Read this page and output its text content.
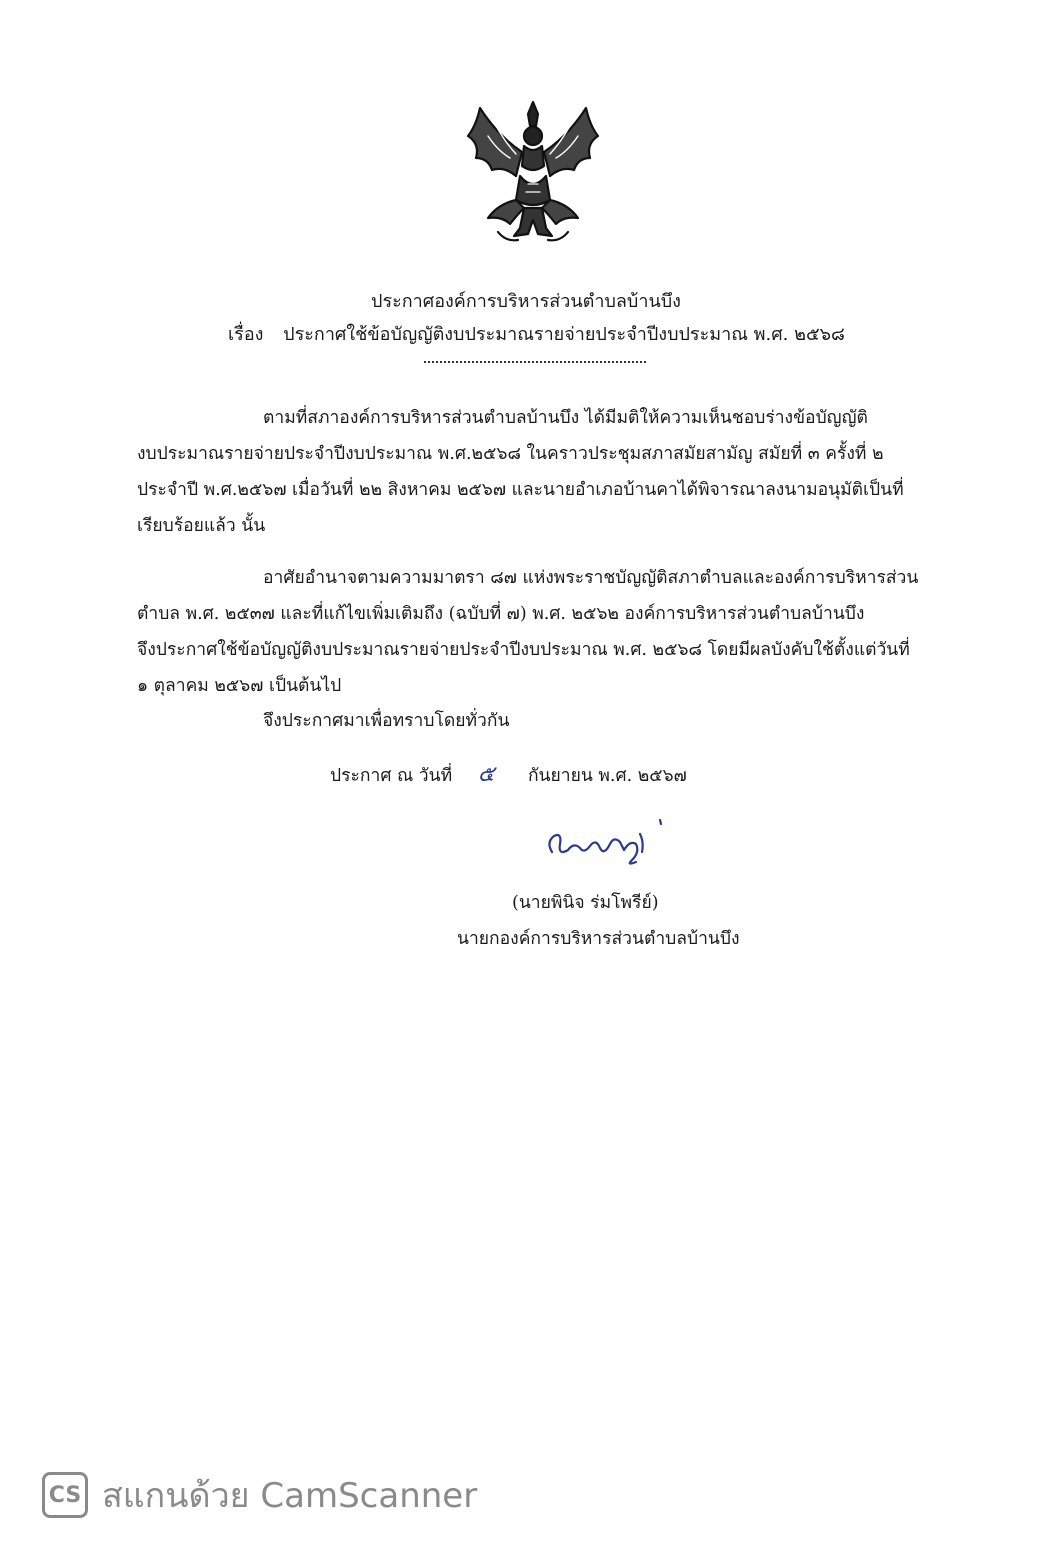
ประกาศองค์การบริหารส่วนตำบลบ้านบึง
เรื่อง ประกาศใช้ข้อบัญญัติงบประมาณรายจ่ายประจำปีงบประมาณ พ.ศ. ๒๕๖๘
ตามที่สภาองค์การบริหารส่วนตำบลบ้านบึง ได้มีมติให้ความเห็นชอบร่างข้อบัญญัติ
งบประมาณรายจ่ายประจำปีงบประมาณ พ.ศ.๒๕๖๘ ในคราวประชุมสภาสมัยสามัญ สมัยที่ ๓ ครั้งที่ ๒
ประจำปี พ.ศ.๒๕๖๗ เมื่อวันที่ ๒๒ สิงหาคม ๒๕๖๗ และนายอำเภอบ้านคาได้พิจารณาลงนามอนุมัติเป็นที่
เรียบร้อยแล้ว นั้น
อาศัยอำนาจตามความมาตรา ๘๗ แห่งพระราชบัญญัติสภาตำบลและองค์การบริหารส่วน
ตำบล พ.ศ. ๒๕๓๗ และที่แก้ไขเพิ่มเติมถึง (ฉบับที่ ๗) พ.ศ. ๒๕๖๒ องค์การบริหารส่วนตำบลบ้านบึง
จึงประกาศใช้ข้อบัญญัติงบประมาณรายจ่ายประจำปีงบประมาณ พ.ศ. ๒๕๖๘ โดยมีผลบังคับใช้ตั้งแต่วันที่
๑ ตุลาคม ๒๕๖๗ เป็นต้นไป
จึงประกาศมาเพื่อทราบโดยทั่วกัน
ประกาศ ณ วันที่ ๕ กันยายน พ.ศ. ๒๕๖๗
(นายพินิจ ร่มโพรีย์)
นายกองค์การบริหารส่วนตำบลบ้านบึง
CS สแกนด้วย CamScanner
